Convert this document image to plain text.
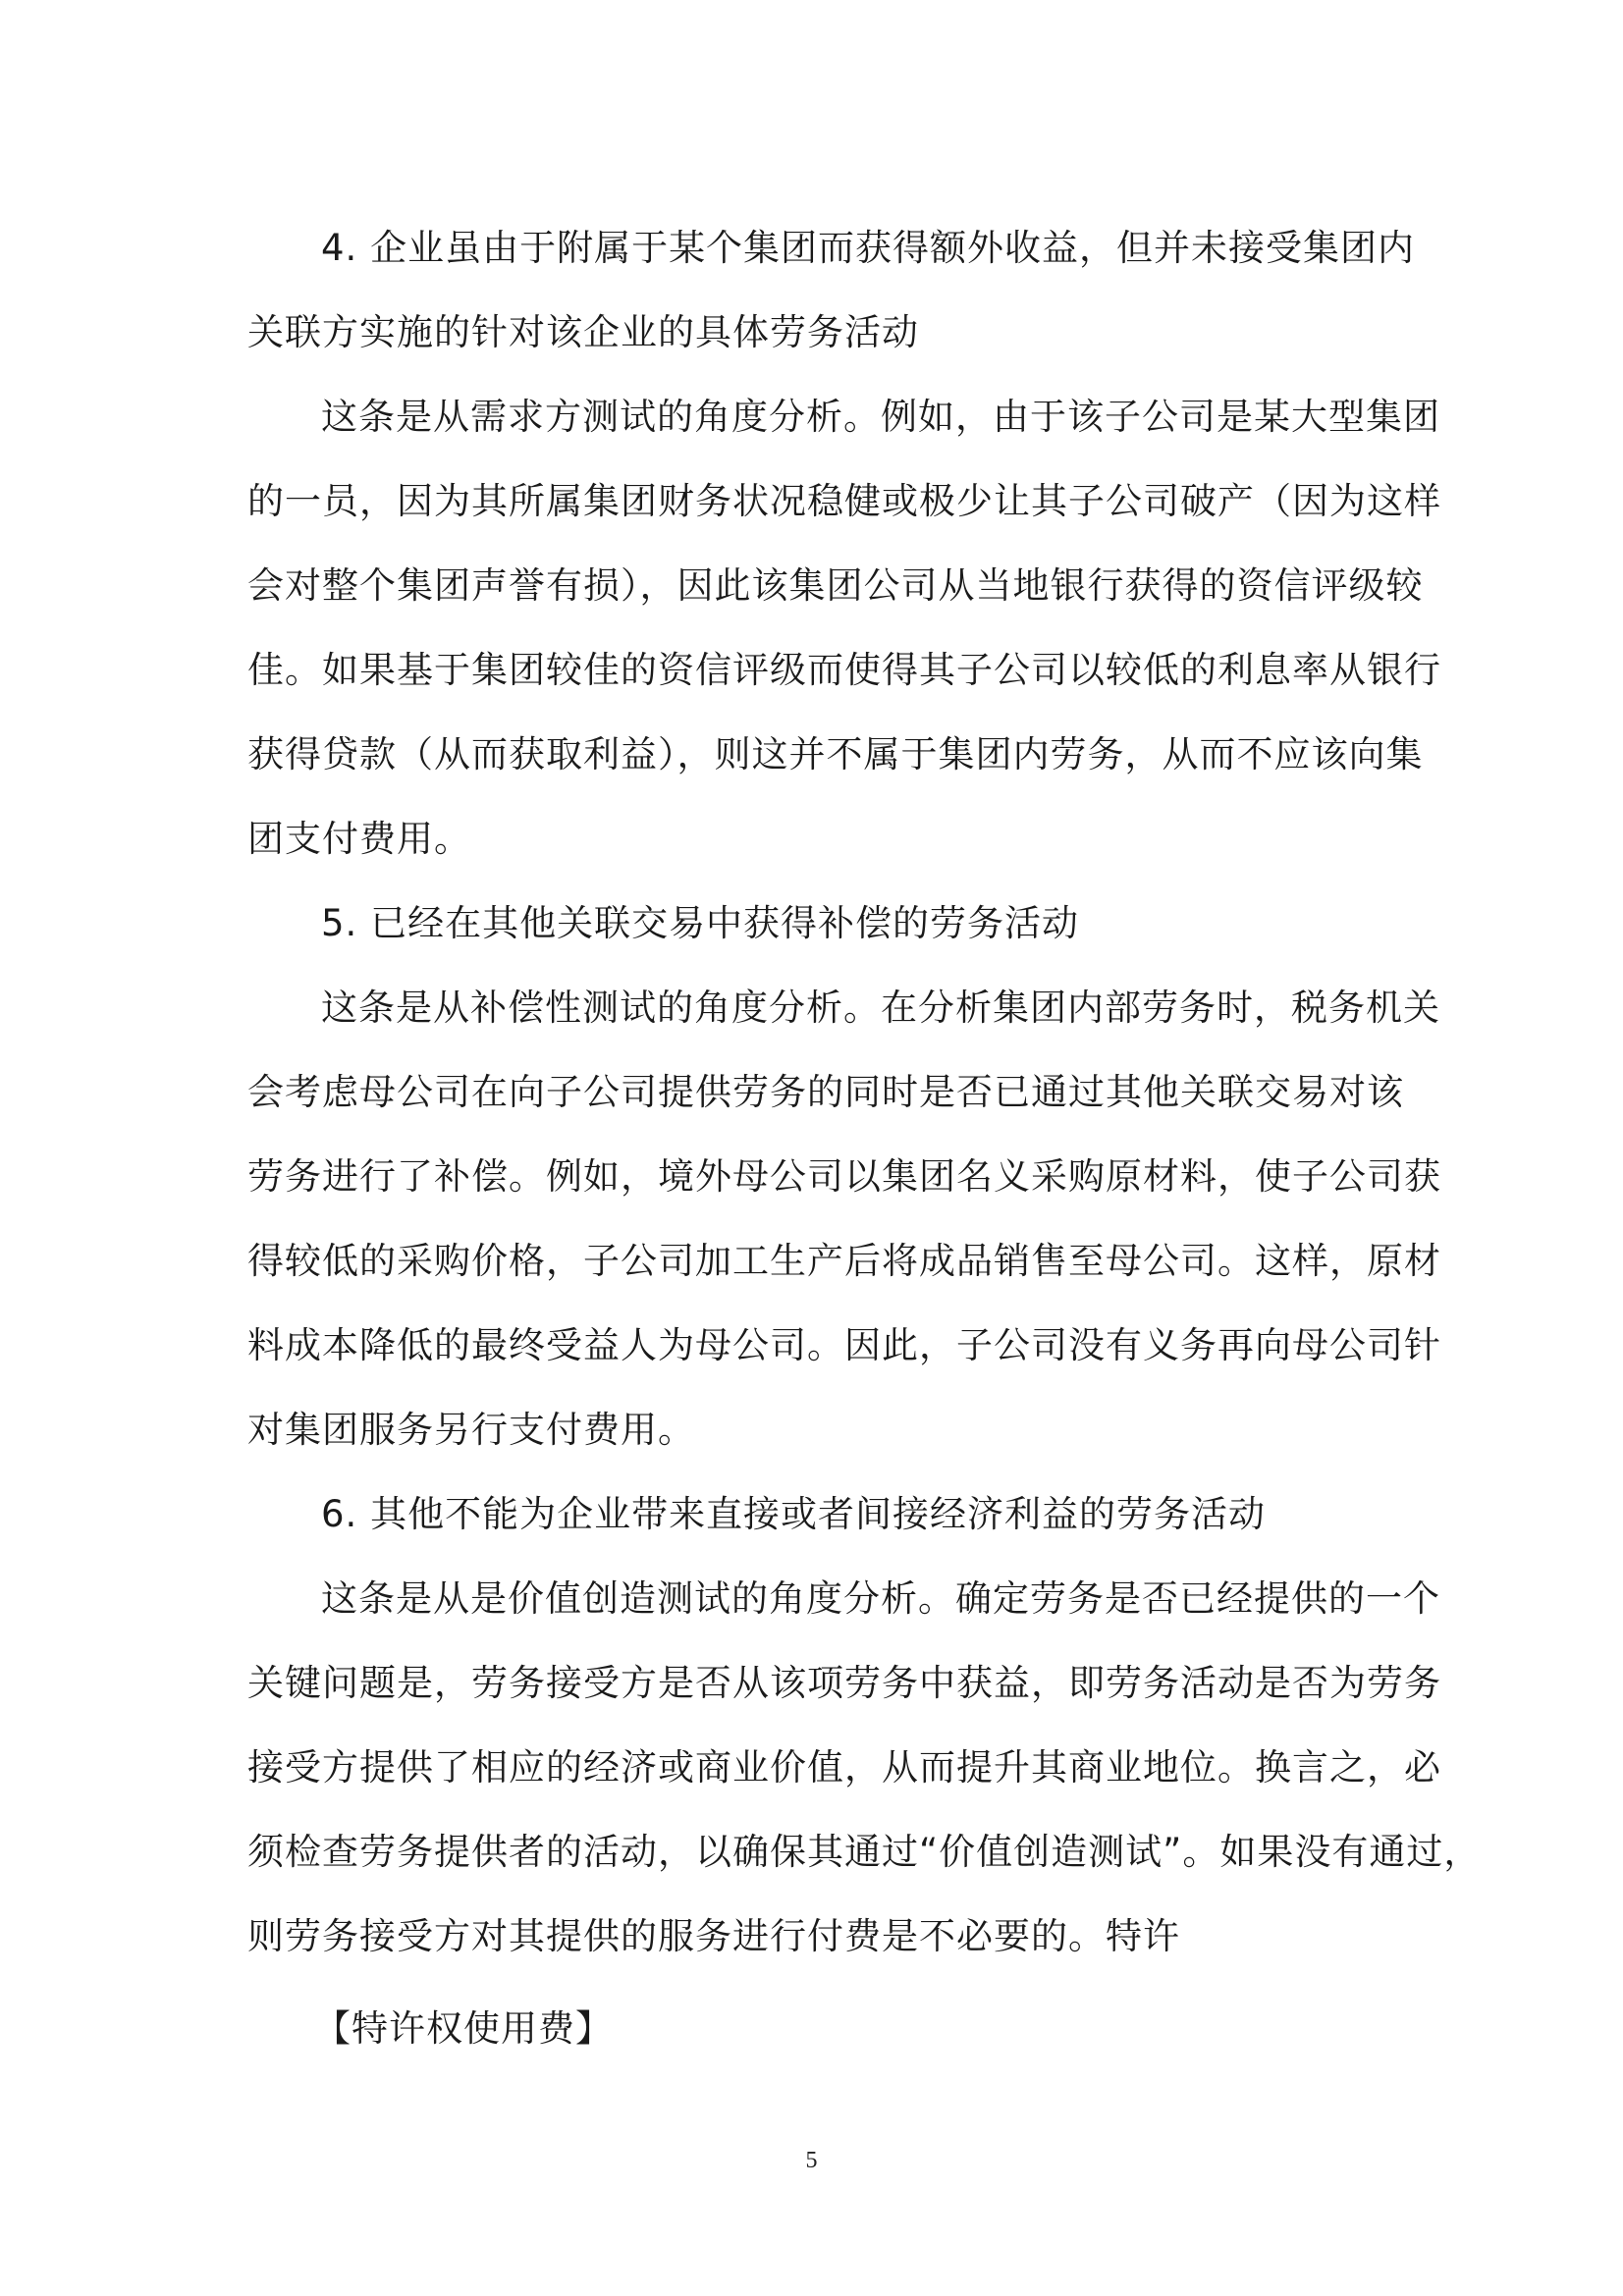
4. 企业虽由于附属于某个集团而获得额外收益，但并未接受集团内
关联方实施的针对该企业的具体劳务活动
这条是从需求方测试的角度分析。例如，由于该子公司是某大型集团
的一员，因为其所属集团财务状况稳健或极少让其子公司破产（因为这样
会对整个集团声誉有损），因此该集团公司从当地银行获得的资信评级较
佳。如果基于集团较佳的资信评级而使得其子公司以较低的利息率从银行
获得贷款（从而获取利益），则这并不属于集团内劳务，从而不应该向集
团支付费用。
5. 已经在其他关联交易中获得补偿的劳务活动
这条是从补偿性测试的角度分析。在分析集团内部劳务时，税务机关
会考虑母公司在向子公司提供劳务的同时是否已通过其他关联交易对该
劳务进行了补偿。例如，境外母公司以集团名义采购原材料，使子公司获
得较低的采购价格，子公司加工生产后将成品销售至母公司。这样，原材
料成本降低的最终受益人为母公司。因此，子公司没有义务再向母公司针
对集团服务另行支付费用。
6. 其他不能为企业带来直接或者间接经济利益的劳务活动
这条是从是价值创造测试的角度分析。确定劳务是否已经提供的一个
关键问题是，劳务接受方是否从该项劳务中获益，即劳务活动是否为劳务
接受方提供了相应的经济或商业价值，从而提升其商业地位。换言之，必
须检查劳务提供者的活动，以确保其通过“价值创造测试”。如果没有通过，
则劳务接受方对其提供的服务进行付费是不必要的。特许
【特许权使用费】
5
